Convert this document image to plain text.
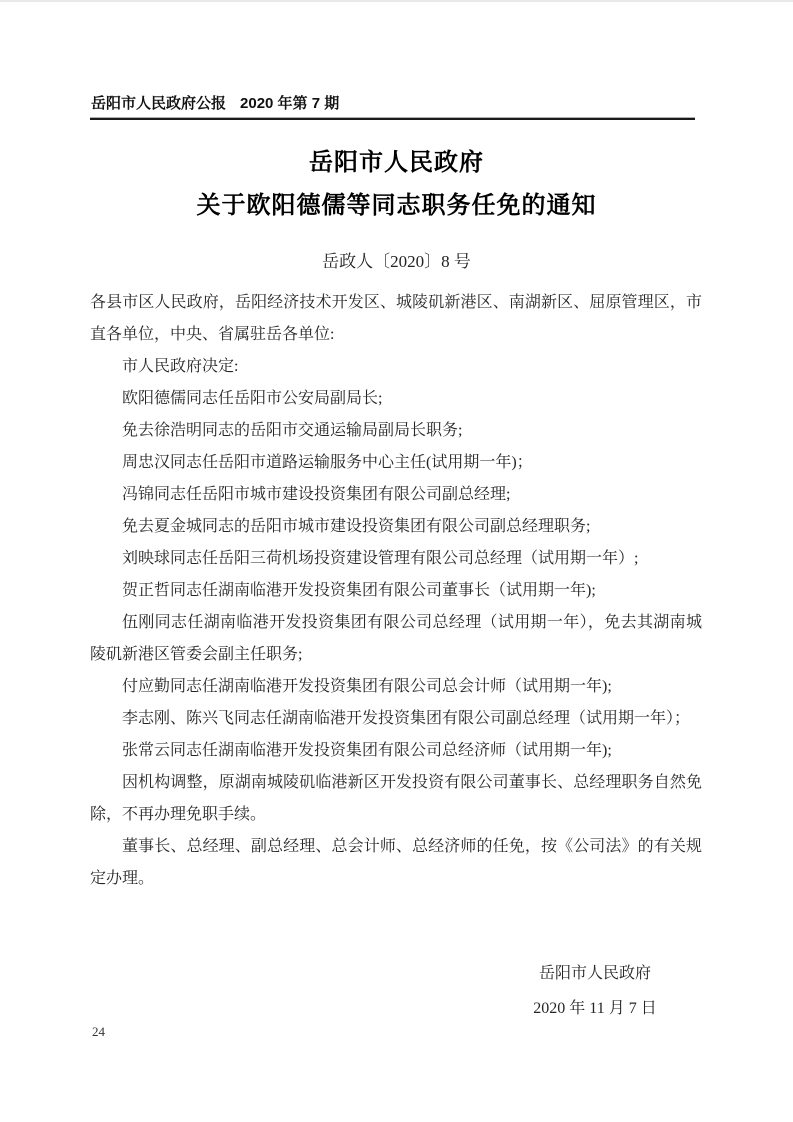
岳阳市人民政府公报 2020 年第 7 期
岳阳市人民政府
关于欧阳德儒等同志职务任免的通知
岳政人〔2020〕8 号

各县市区人民政府，岳阳经济技术开发区、城陵矶新港区、南湖新区、屈原管理区，市直各单位，中央、省属驻岳各单位:

市人民政府决定:

欧阳德儒同志任岳阳市公安局副局长;

免去徐浩明同志的岳阳市交通运输局副局长职务;

周忠汉同志任岳阳市道路运输服务中心主任(试用期一年)；

冯锦同志任岳阳市城市建设投资集团有限公司副总经理;

免去夏金城同志的岳阳市城市建设投资集团有限公司副总经理职务;

刘映球同志任岳阳三荷机场投资建设管理有限公司总经理（试用期一年）;

贺正哲同志任湖南临港开发投资集团有限公司董事长（试用期一年);

伍刚同志任湖南临港开发投资集团有限公司总经理（试用期一年），免去其湖南城陵矶新港区管委会副主任职务;

付应勤同志任湖南临港开发投资集团有限公司总会计师（试用期一年);

李志刚、陈兴飞同志任湖南临港开发投资集团有限公司副总经理（试用期一年）；

张常云同志任湖南临港开发投资集团有限公司总经济师（试用期一年);

因机构调整，原湖南城陵矶临港新区开发投资有限公司董事长、总经理职务自然免除，不再办理免职手续。

董事长、总经理、副总经理、总会计师、总经济师的任免，按《公司法》的有关规定办理。

岳阳市人民政府
2020 年 11 月 7 日
24
